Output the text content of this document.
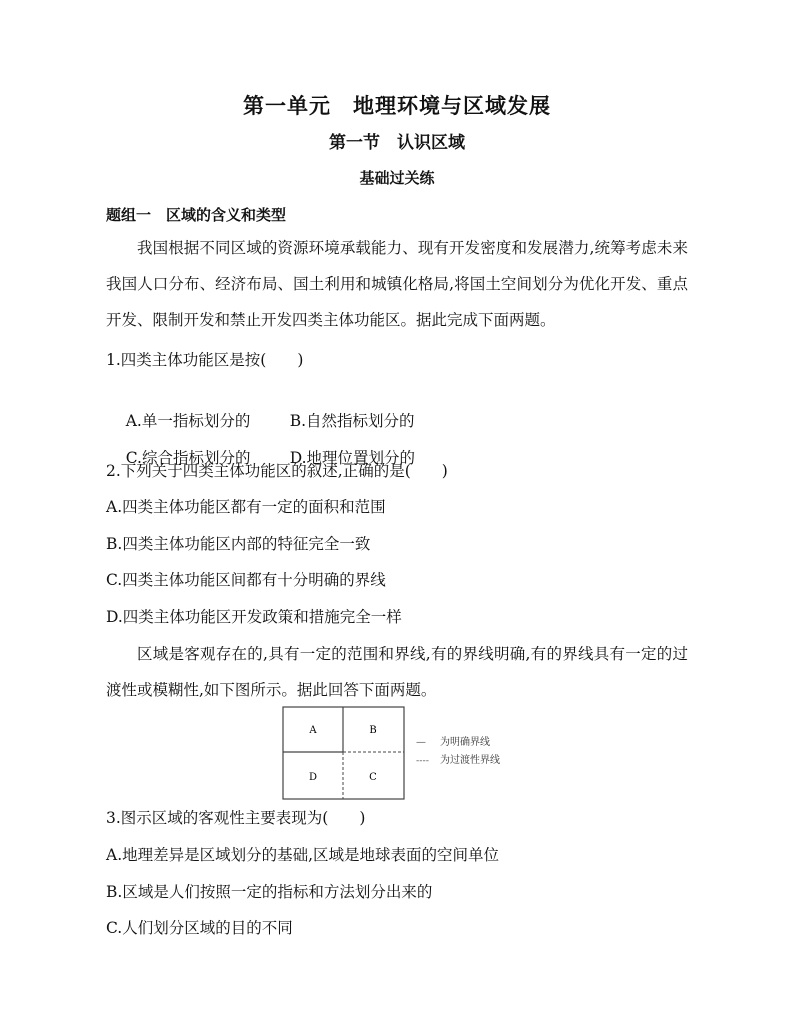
第一单元　地理环境与区域发展
第一节　认识区域
基础过关练
题组一　区域的含义和类型
我国根据不同区域的资源环境承载能力、现有开发密度和发展潜力,统筹考虑未来我国人口分布、经济布局、国土利用和城镇化格局,将国土空间划分为优化开发、重点开发、限制开发和禁止开发四类主体功能区。据此完成下面两题。
1.四类主体功能区是按(　　)

A.单一指标划分的	B.自然指标划分的

C.综合指标划分的	D.地理位置划分的

2.下列关于四类主体功能区的叙述,正确的是(　　)
A.四类主体功能区都有一定的面积和范围
B.四类主体功能区内部的特征完全一致
C.四类主体功能区间都有十分明确的界线
D.四类主体功能区开发政策和措施完全一样
区域是客观存在的,具有一定的范围和界线,有的界线明确,有的界线具有一定的过渡性或模糊性,如下图所示。据此回答下面两题。
A	B
D	C
— 为明确界线
---- 为过渡性界线
3.图示区域的客观性主要表现为(　　)
A.地理差异是区域划分的基础,区域是地球表面的空间单位
B.区域是人们按照一定的指标和方法划分出来的
C.人们划分区域的目的不同
